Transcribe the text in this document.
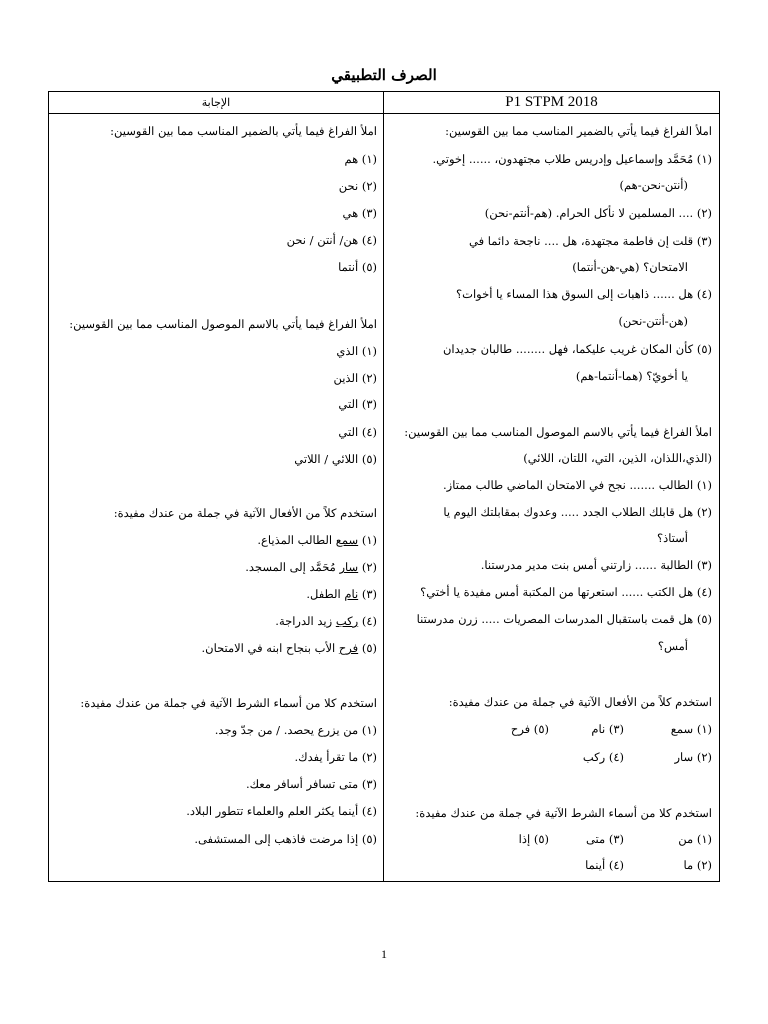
الصرف التطبيقي
الإجابة	P1 STPM 2018
املأ الفراغ فيما يأتي بالضمير المناسب مما بين القوسين:
(١) مُحَمَّد وإسماعيل وإدريس طلاب مجتهدون، ...... إخوتي.
(أنتن-نحن-هم)
(٢) .... المسلمين لا نأكل الحرام. (هم-أنتم-نحن)
(٣) قلت إن فاطمة مجتهدة، هل .... ناجحة دائما في
الامتحان؟ (هي-هن-أنتما)
(٤) هل ...... ذاهبات إلى السوق هذا المساء يا أخوات؟
(هن-أنتن-نحن)
(٥) كأن المكان غريب عليكما، فهل ........ طالبان جديدان
يا أخويّ؟ (هما-أنتما-هم)
املأ الفراغ فيما يأتي بالاسم الموصول المناسب مما بين القوسين:
(الذي،اللذان، الذين، التي، اللتان، اللائي)
(١) الطالب ....... نجح في الامتحان الماضي طالب ممتاز.
(٢) هل قابلك الطلاب الجدد ..... وعدوك بمقابلتك اليوم يا
أستاذ؟
(٣) الطالبة ...... زارتني أمس بنت مدير مدرستنا.
(٤) هل الكتب ...... استعرتها من المكتبة أمس مفيدة يا أختي؟
(٥) هل قمت باستقبال المدرسات المصريات ..... زرن مدرستنا
أمس؟
استخدم كلاً من الأفعال الآتية في جملة من عندك مفيدة:
(١) سمع(٣) نام(٥) فرح
(٢) سار(٤) ركب
استخدم كلا من أسماء الشرط الآتية في جملة من عندك مفيدة:
(١) من(٣) متى(٥) إذا
(٢) ما(٤) أينما
املأ الفراغ فيما يأتي بالضمير المناسب مما بين القوسين:
(١) هم
(٢) نحن
(٣) هي
(٤) هن/ أنتن / نحن
(٥) أنتما
املأ الفراغ فيما يأتي بالاسم الموصول المناسب مما بين القوسين:
(١) الذي
(٢) الذين
(٣) التي
(٤) التي
(٥) اللائي / اللاتي
استخدم كلاً من الأفعال الآتية في جملة من عندك مفيدة:
(١) سمع الطالب المذياع.
(٢) سار مُحَمَّد إلى المسجد.
(٣) نام الطفل.
(٤) ركب زيد الدراجة.
(٥) فرح الأب بنجاح ابنه في الامتحان.
استخدم كلا من أسماء الشرط الآتية في جملة من عندك مفيدة:
(١) من يزرع يحصد. / من جدّ وجد.
(٢) ما تقرأ يفدك.
(٣) متى تسافر أسافر معك.
(٤) أينما يكثر العلم والعلماء تتطور البلاد.
(٥) إذا مرضت فاذهب إلى المستشفى.
1
